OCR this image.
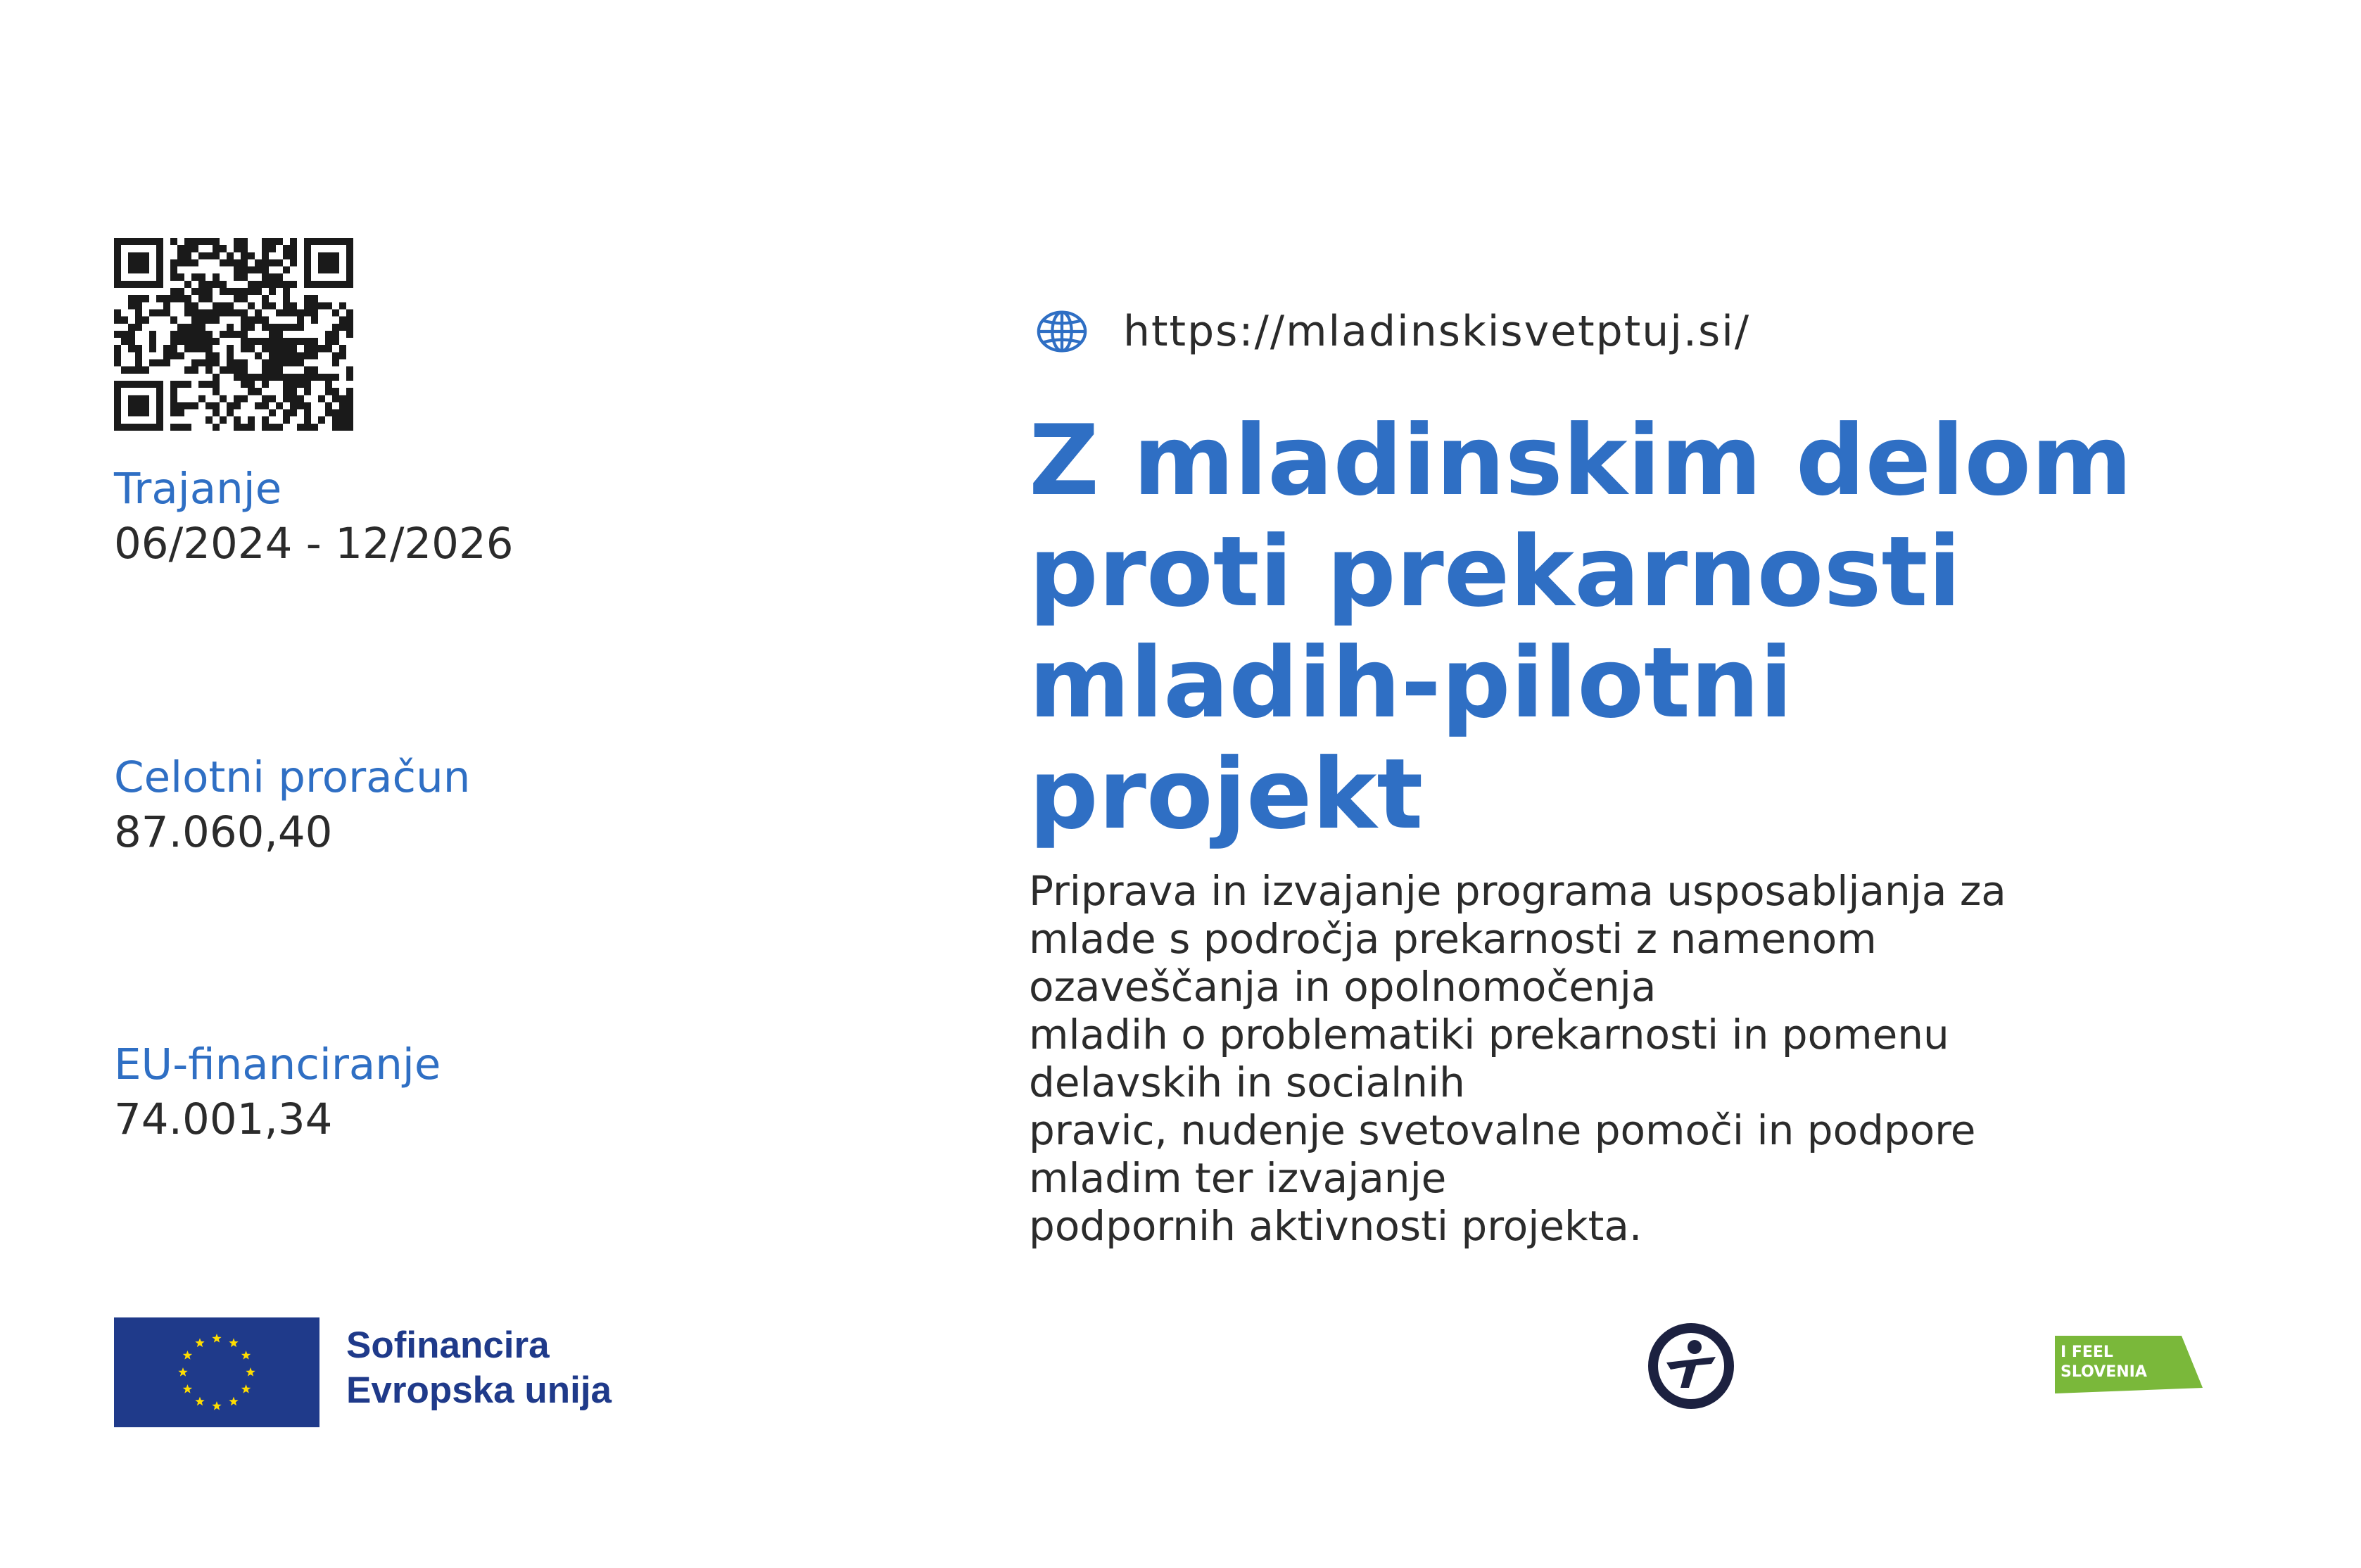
Trajanje
06/2024 - 12/2026
Celotni proračun
87.060,40
EU-financiranje
74.001,34
https://mladinskisvetptuj.si/
Z mladinskim delom
proti prekarnosti
mladih-pilotni
projekt
Priprava in izvajanje programa usposabljanja za
mlade s področja prekarnosti z namenom
ozaveščanja in opolnomočenja
mladih o problematiki prekarnosti in pomenu
delavskih in socialnih
pravic, nudenje svetovalne pomoči in podpore
mladim ter izvajanje
podpornih aktivnosti projekta.
Sofinancira
Evropska unija
I FEEL
SLOVENIA
